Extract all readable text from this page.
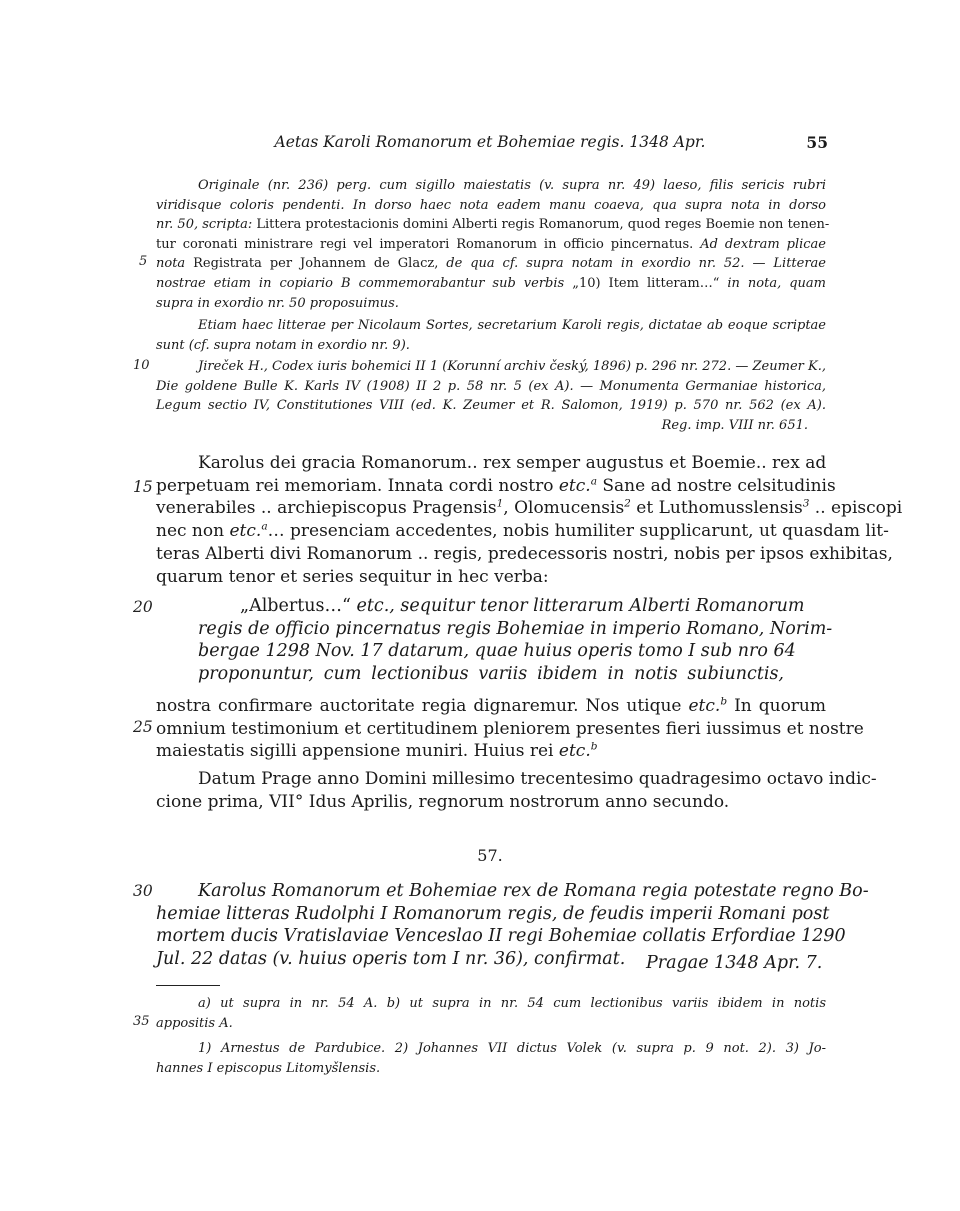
Aetas Karoli Romanorum et Bohemiae regis. 1348 Apr.	55
5
10
15
20
25
30
35
Originale (nr. 236) perg. cum sigillo maiestatis (v. supra nr. 49) laeso, filis sericis rubri
viridisque coloris pendenti. In dorso haec nota eadem manu coaeva, qua supra nota in dorso
nr. 50, scripta: Littera protestacionis domini Alberti regis Romanorum, quod reges Boemie non tenen-
tur coronati ministrare regi vel imperatori Romanorum in officio pincernatus. Ad dextram plicae
nota Registrata per Johannem de Glacz, de qua cf. supra notam in exordio nr. 52. — Litterae
nostrae etiam in copiario B commemorabantur sub verbis „10) Item litteram…“ in nota, quam
supra in exordio nr. 50 proposuimus.
Etiam haec litterae per Nicolaum Sortes, secretarium Karoli regis, dictatae ab eoque scriptae
sunt (cf. supra notam in exordio nr. 9).
Jireček H., Codex iuris bohemici II 1 (Korunní archiv český, 1896) p. 296 nr. 272. — Zeumer K.,
Die goldene Bulle K. Karls IV (1908) II 2 p. 58 nr. 5 (ex A). — Monumenta Germaniae historica,
Legum sectio IV, Constitutiones VIII (ed. K. Zeumer et R. Salomon, 1919) p. 570 nr. 562 (ex A).
Reg. imp. VIII nr. 651.
Karolus dei gracia Romanorum.. rex semper augustus et Boemie.. rex ad
perpetuam rei memoriam. Innata cordi nostro etc.$^a$ Sane ad nostre celsitudinis
venerabiles .. archiepiscopus Pragensis$^1$, Olomucensis$^2$ et Luthomusslensis$^3$ .. episcopi
nec non etc.$^a$… presenciam accedentes, nobis humiliter supplicarunt, ut quasdam lit-
teras Alberti divi Romanorum .. regis, predecessoris nostri, nobis per ipsos exhibitas,
quarum tenor et series sequitur in hec verba:
„Albertus…“ etc., sequitur tenor litterarum Alberti Romanorum
regis de officio pincernatus regis Bohemiae in imperio Romano, Norim-
bergae 1298 Nov. 17 datarum, quae huius operis tomo I sub nro 64
proponuntur, cum lectionibus variis ibidem in notis subiunctis,
nostra confirmare auctoritate regia dignaremur. Nos utique etc.$^b$ In quorum
omnium testimonium et certitudinem pleniorem presentes fieri iussimus et nostre
maiestatis sigilli appensione muniri. Huius rei etc.$^b$
Datum Prage anno Domini millesimo trecentesimo quadragesimo octavo indic-
cione prima, VII° Idus Aprilis, regnorum nostrorum anno secundo.
57.
Karolus Romanorum et Bohemiae rex de Romana regia potestate regno Bo-
hemiae litteras Rudolphi I Romanorum regis, de feudis imperii Romani post
mortem ducis Vratislaviae Venceslao II regi Bohemiae collatis Erfordiae 1290
Jul. 22 datas (v. huius operis tom I nr. 36), confirmat.	Pragae 1348 Apr. 7.
a) ut supra in nr. 54 A. b) ut supra in nr. 54 cum lectionibus variis ibidem in notis
appositis A.
1) Arnestus de Pardubice. 2) Johannes VII dictus Volek (v. supra p. 9 not. 2). 3) Jo-
hannes I episcopus Litomyšlensis.
